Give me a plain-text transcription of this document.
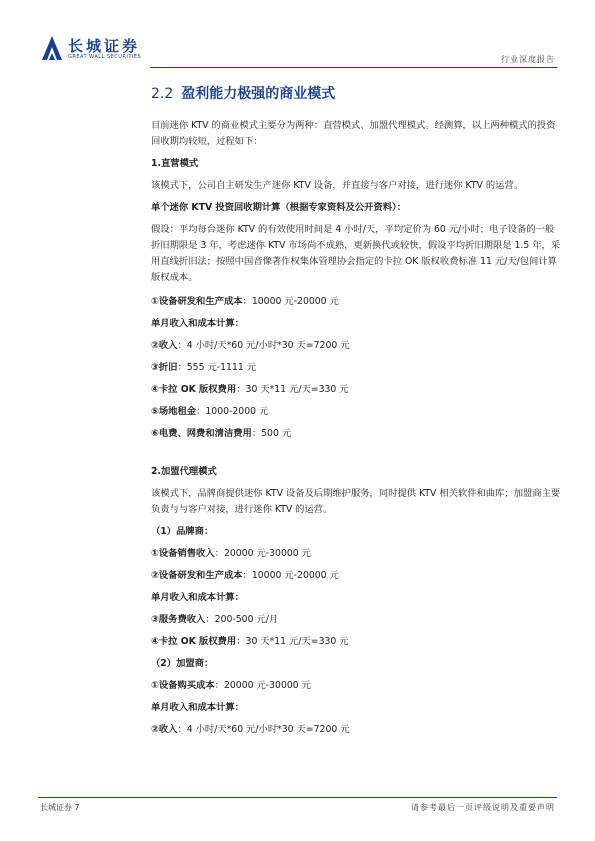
长城证券
GREAT WALL SECURITIES	行业深度报告
2.2 盈利能力极强的商业模式

目前迷你 KTV 的商业模式主要分为两种：直营模式、加盟代理模式。经测算，以上两种模式的投资回收期均较短，过程如下：

1.直营模式

该模式下，公司自主研发生产迷你 KTV 设备，并直接与客户对接，进行迷你 KTV 的运营。

单个迷你 KTV 投资回收期计算（根据专家资料及公开资料）：

假设：平均每台迷你 KTV 的有效使用时间是 4 小时/天，平均定价为 60 元/小时；电子设备的一般折旧期限是 3 年，考虑迷你 KTV 市场尚不成熟，更新换代或较快，假设平均折旧期限是 1.5 年，采用直线折旧法；按照中国音像著作权集体管理协会指定的卡拉 OK 版权收费标准 11 元/天/包间计算版权成本。

①设备研发和生产成本：10000 元-20000 元

单月收入和成本计算：

②收入：4 小时/天*60 元/小时*30 天=7200 元

③折旧：555 元-1111 元

④卡拉 OK 版权费用：30 天*11 元/天=330 元

⑤场地租金：1000-2000 元

⑥电费、网费和清洁费用：500 元

2.加盟代理模式

该模式下，品牌商提供迷你 KTV 设备及后期维护服务，同时提供 KTV 相关软件和曲库；加盟商主要负责与与客户对接，进行迷你 KTV 的运营。

（1）品牌商：

①设备销售收入：20000 元-30000 元

②设备研发和生产成本：10000 元-20000 元

单月收入和成本计算：

③服务费收入：200-500 元/月

④卡拉 OK 版权费用：30 天*11 元/天=330 元

（2）加盟商：

①设备购买成本：20000 元-30000 元

单月收入和成本计算：

②收入：4 小时/天*60 元/小时*30 天=7200 元

长城证券 7	请参考最后一页评级说明及重要声明
